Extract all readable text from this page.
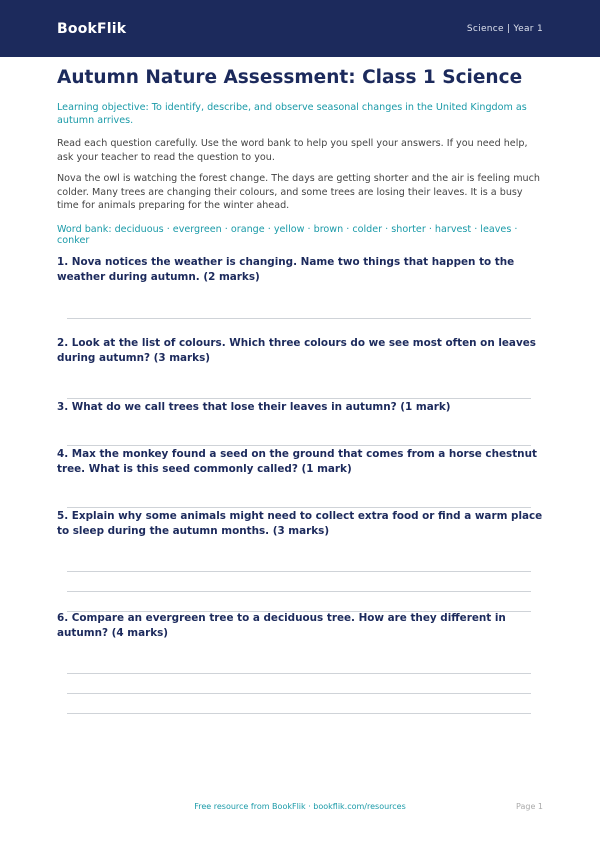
BookFlik	Science | Year 1
Autumn Nature Assessment: Class 1 Science

Learning objective: To identify, describe, and observe seasonal changes in the United Kingdom as autumn arrives.

Read each question carefully. Use the word bank to help you spell your answers. If you need help, ask your teacher to read the question to you.

Nova the owl is watching the forest change. The days are getting shorter and the air is feeling much colder. Many trees are changing their colours, and some trees are losing their leaves. It is a busy time for animals preparing for the winter ahead.

Word bank: deciduous · evergreen · orange · yellow · brown · colder · shorter · harvest · leaves · conker

1. Nova notices the weather is changing. Name two things that happen to the weather during autumn. (2 marks)
2. Look at the list of colours. Which three colours do we see most often on leaves during autumn? (3 marks)
3. What do we call trees that lose their leaves in autumn? (1 mark)
4. Max the monkey found a seed on the ground that comes from a horse chestnut tree. What is this seed commonly called? (1 mark)
5. Explain why some animals might need to collect extra food or find a warm place to sleep during the autumn months. (3 marks)
6. Compare an evergreen tree to a deciduous tree. How are they different in autumn? (4 marks)
Free resource from BookFlik · bookflik.com/resources	Page 1
